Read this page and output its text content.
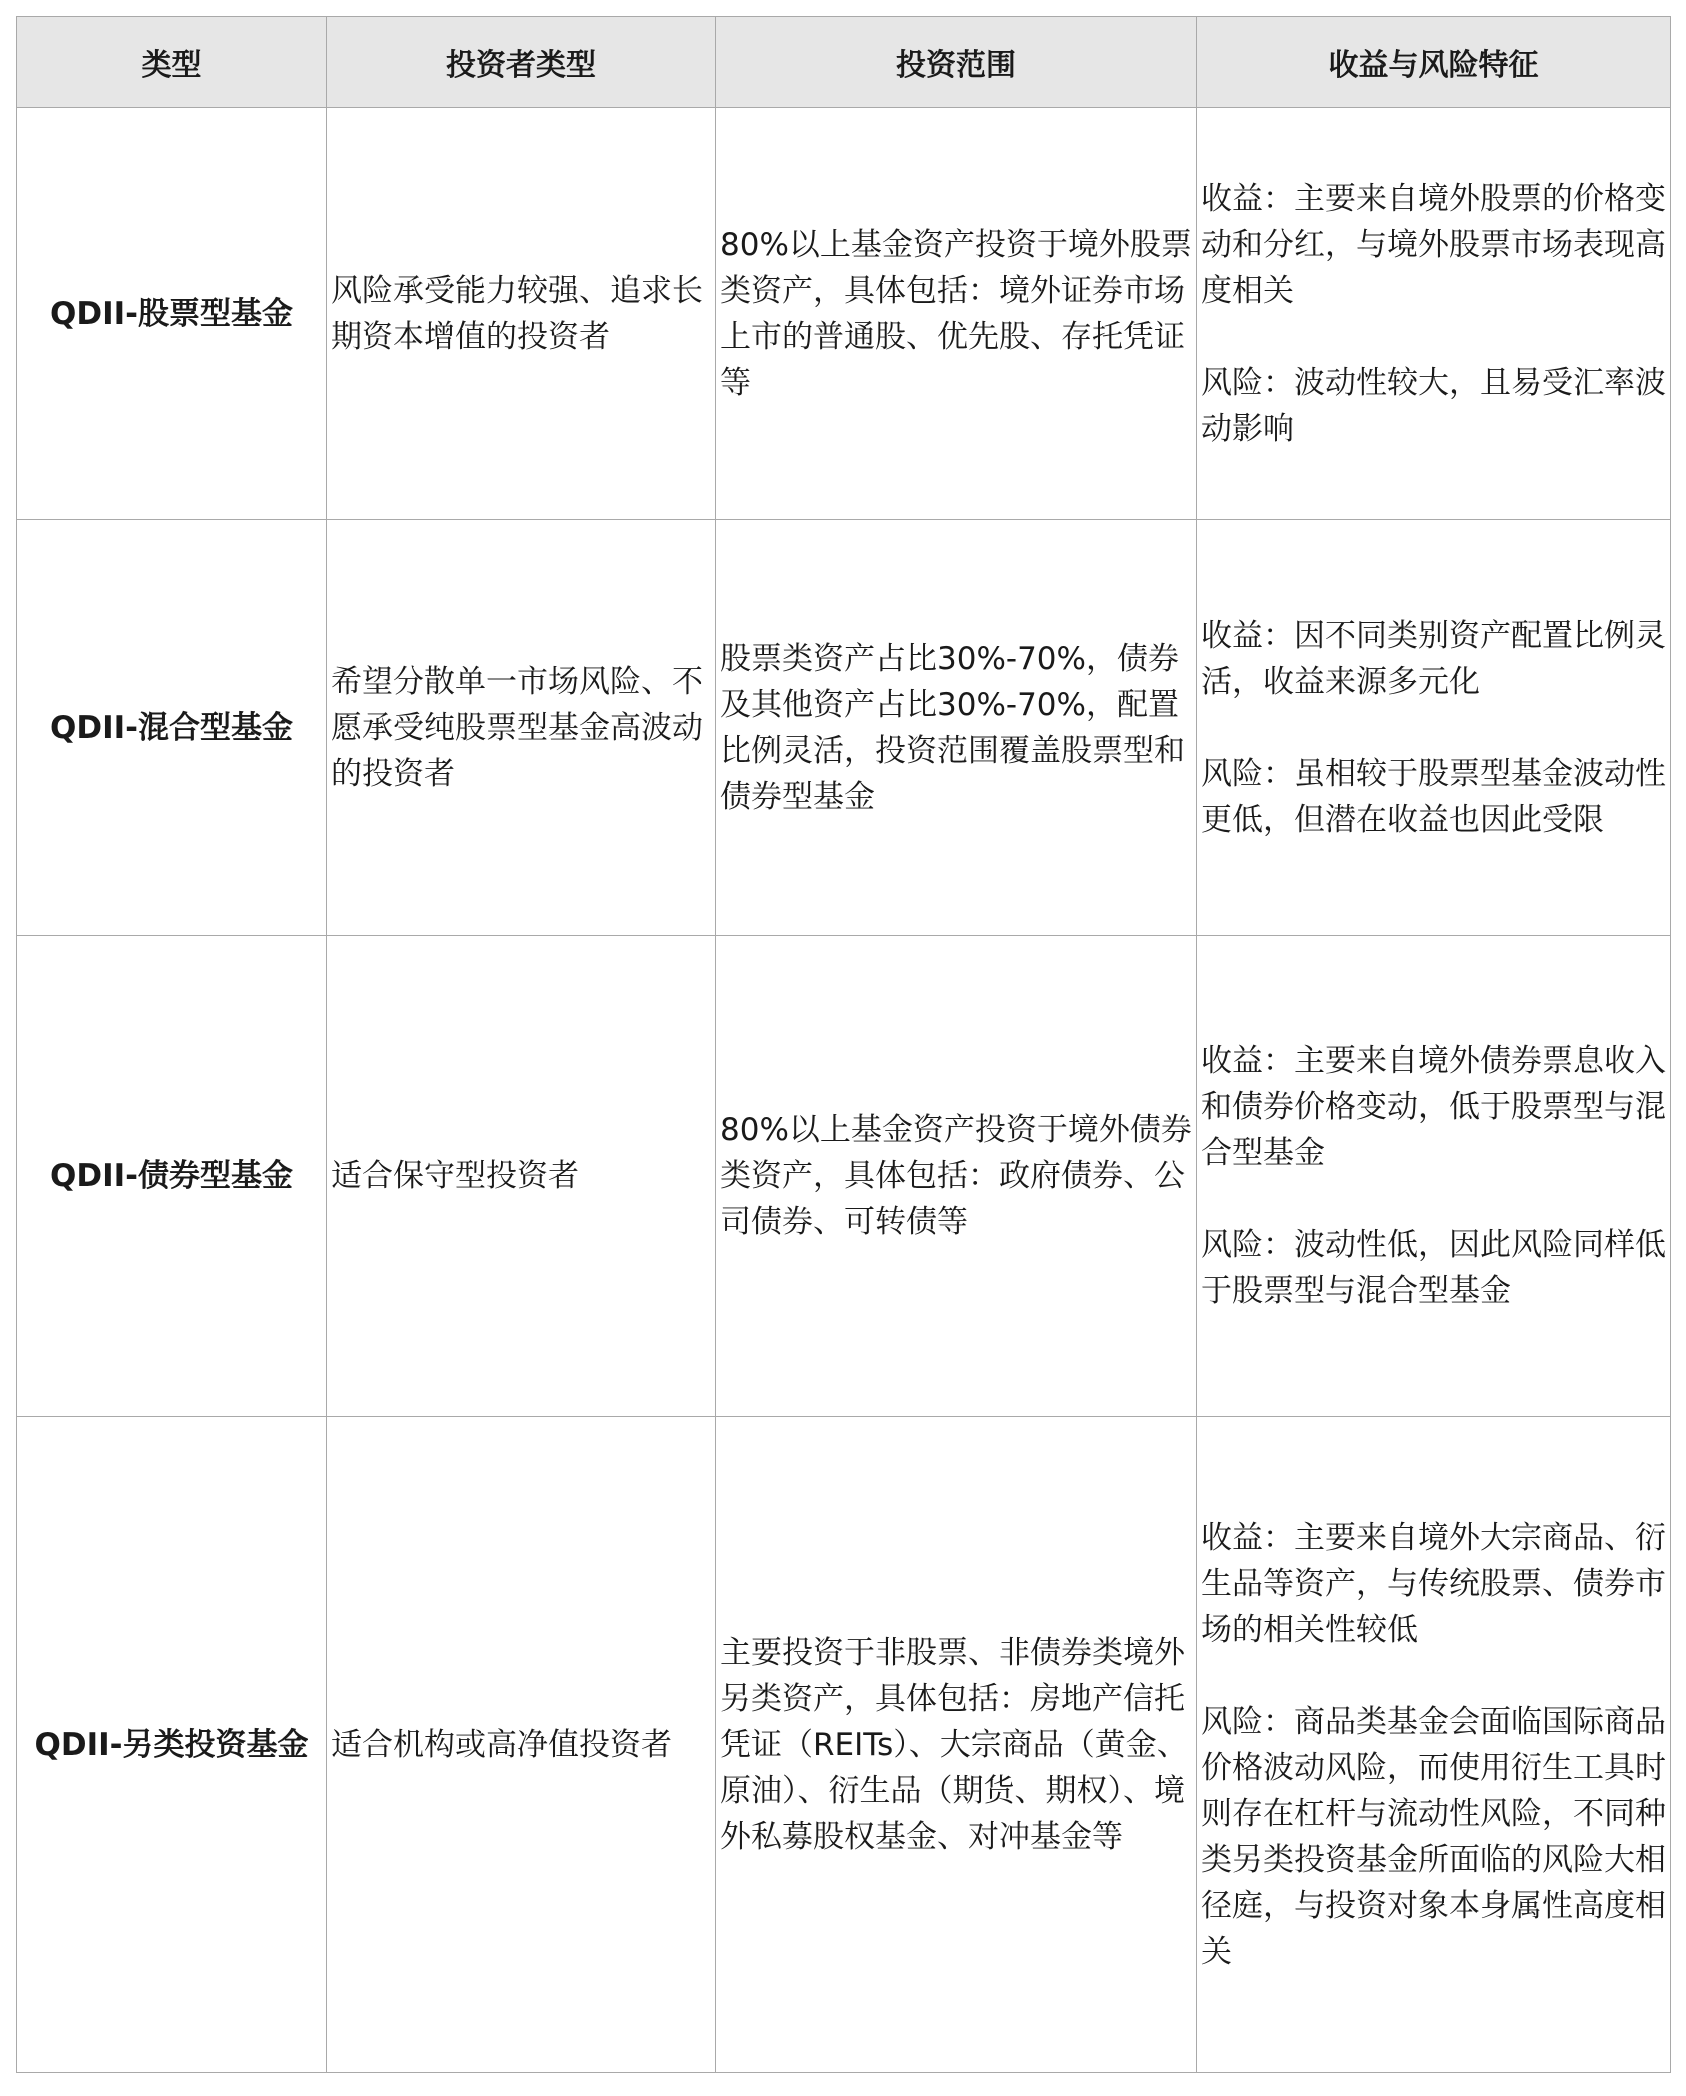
类型	投资者类型	投资范围	收益与风险特征
QDII-股票型基金	风险承受能力较强、追求长期资本增值的投资者	80%以上基金资产投资于境外股票类资产，具体包括：境外证券市场上市的普通股、优先股、存托凭证等	收益：主要来自境外股票的价格变动和分红，与境外股票市场表现高度相关
风险：波动性较大，且易受汇率波动影响

QDII-混合型基金	希望分散单一市场风险、不愿承受纯股票型基金高波动的投资者	股票类资产占比30%-70%，债券及其他资产占比30%-70%，配置比例灵活，投资范围覆盖股票型和债券型基金	收益：因不同类别资产配置比例灵活，收益来源多元化
风险：虽相较于股票型基金波动性更低，但潜在收益也因此受限

QDII-债券型基金	适合保守型投资者	80%以上基金资产投资于境外债券类资产，具体包括：政府债券、公司债券、可转债等	收益：主要来自境外债券票息收入和债券价格变动，低于股票型与混合型基金
风险：波动性低，因此风险同样低于股票型与混合型基金

QDII-另类投资基金	适合机构或高净值投资者	主要投资于非股票、非债券类境外另类资产，具体包括：房地产信托凭证（REITs）、大宗商品（黄金、原油）、衍生品（期货、期权）、境外私募股权基金、对冲基金等	收益：主要来自境外大宗商品、衍生品等资产，与传统股票、债券市场的相关性较低
风险：商品类基金会面临国际商品价格波动风险，而使用衍生工具时则存在杠杆与流动性风险，不同种类另类投资基金所面临的风险大相径庭，与投资对象本身属性高度相关
